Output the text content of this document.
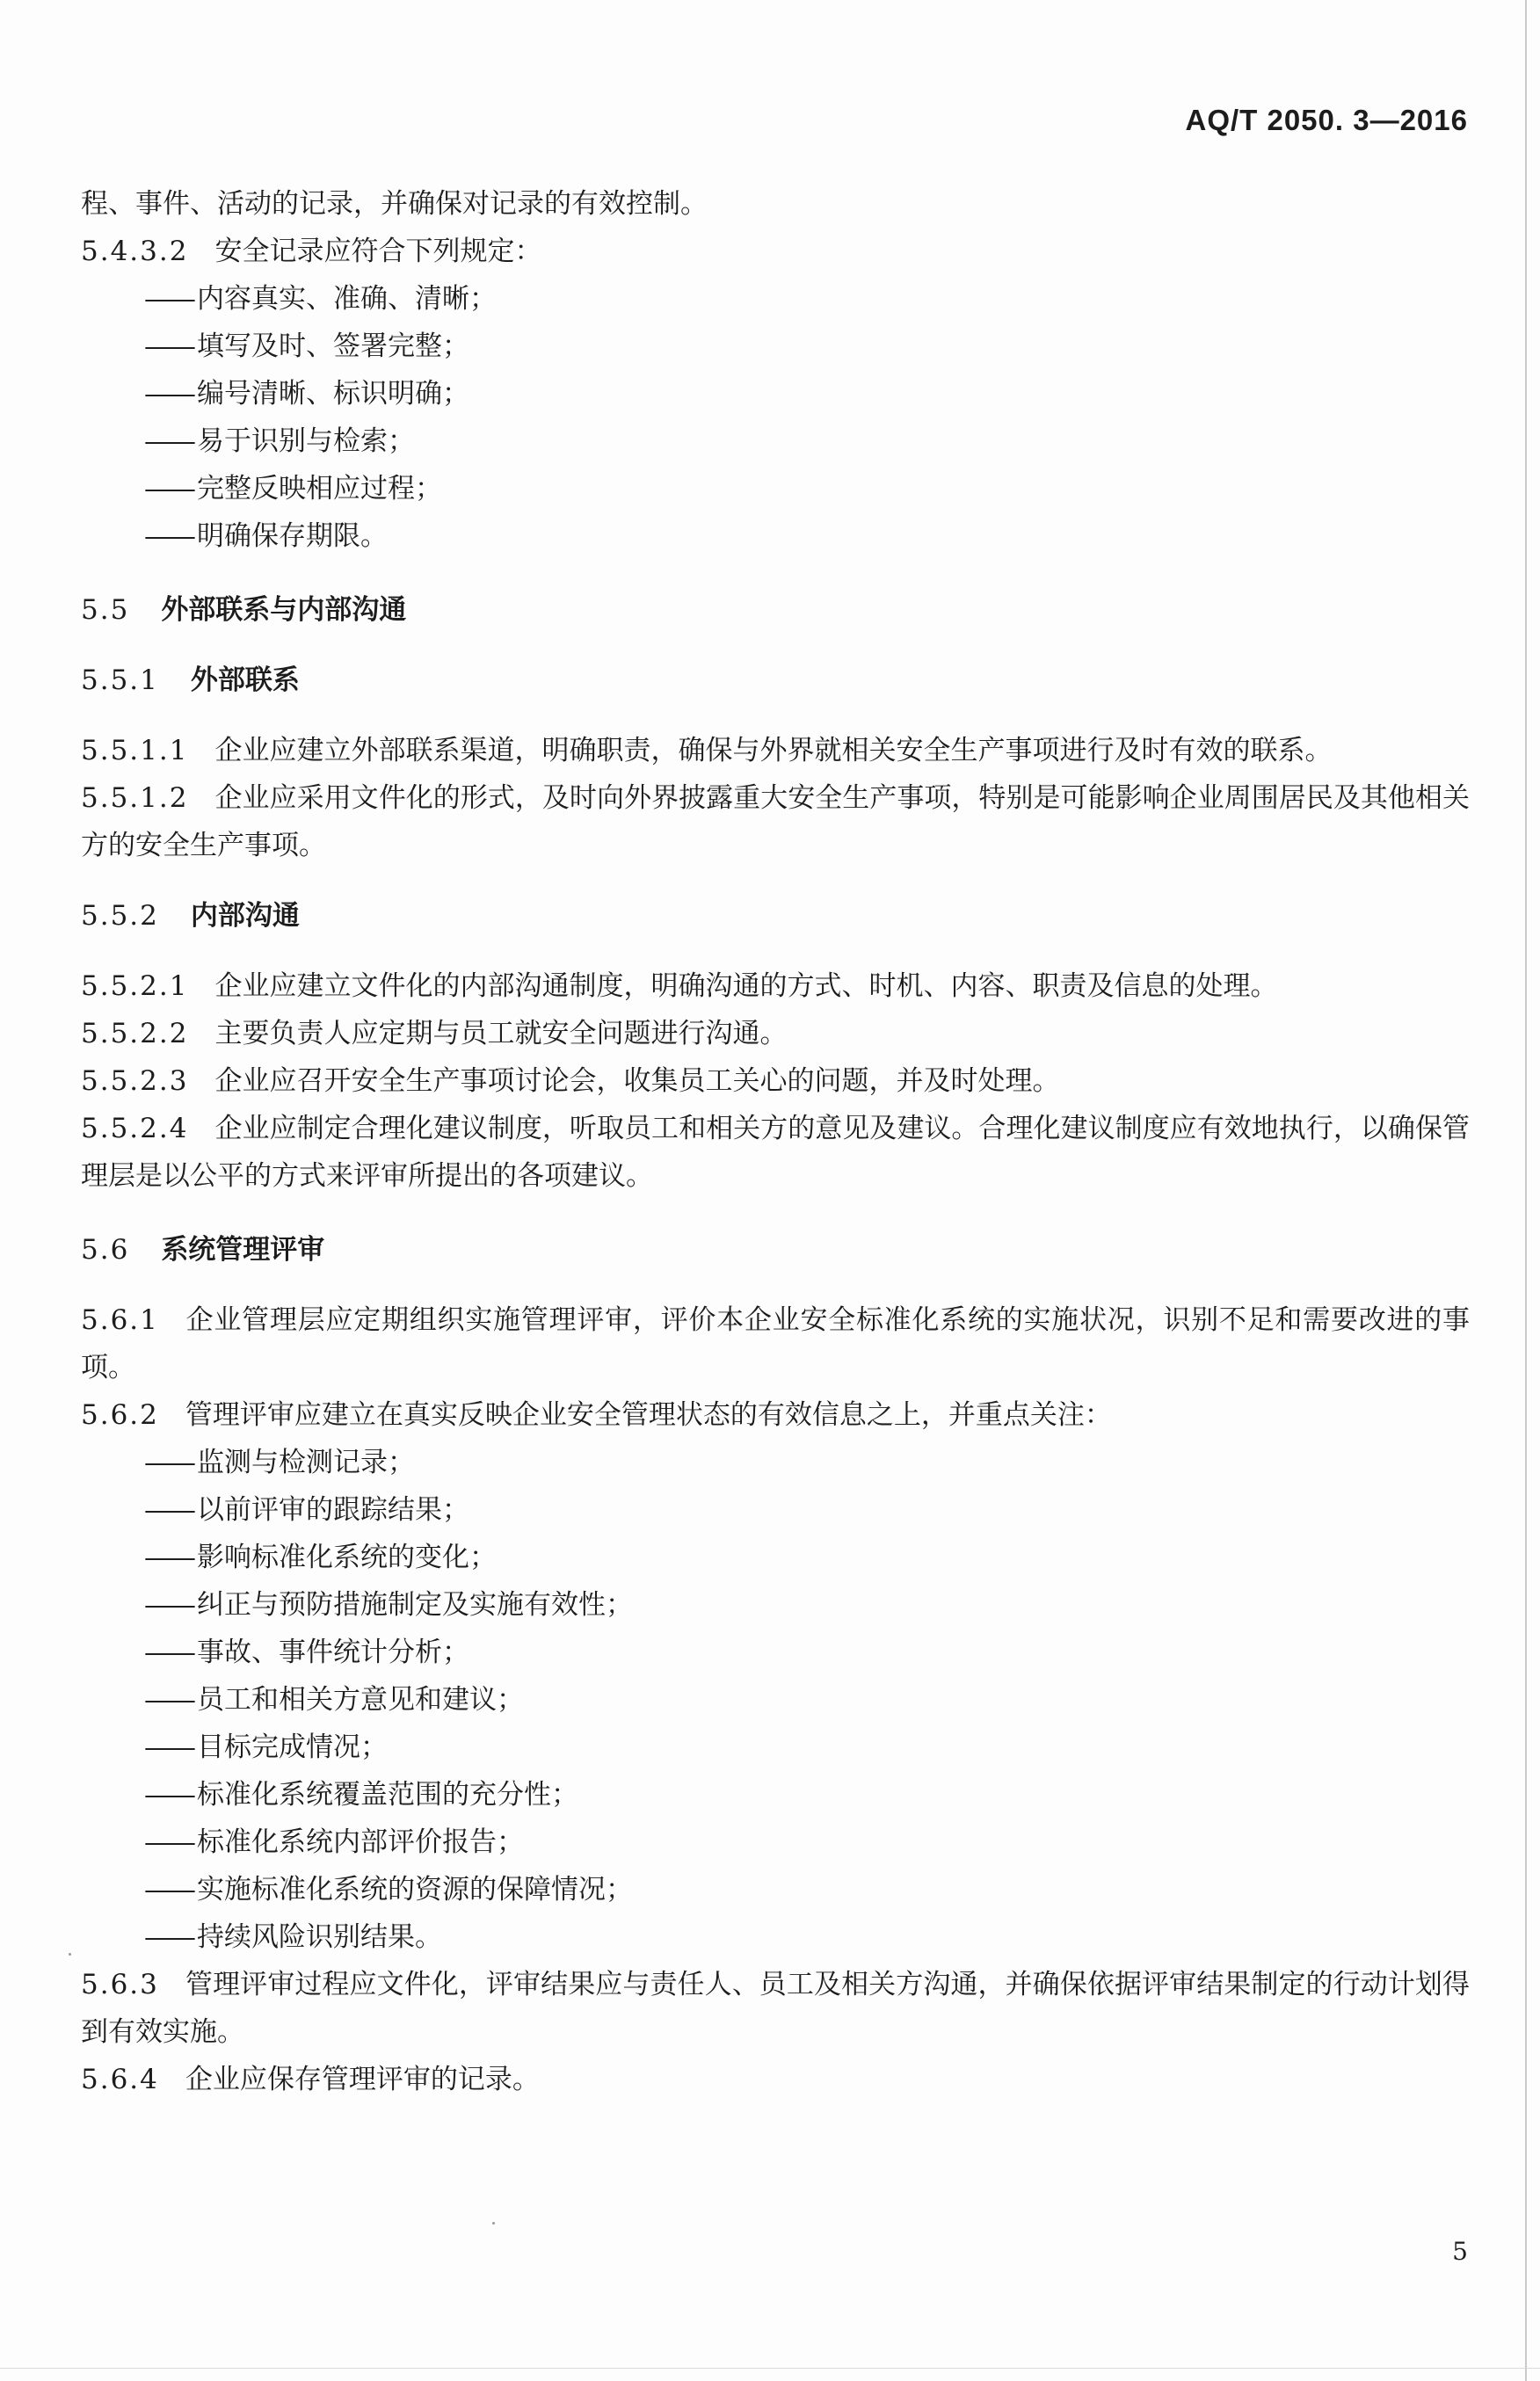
AQ/T 2050. 3—2016

程、事件、活动的记录，并确保对记录的有效控制。

5.4.3.2 安全记录应符合下列规定：

—— 内容真实、准确、清晰；
—— 填写及时、签署完整；
—— 编号清晰、标识明确；
—— 易于识别与检索；
—— 完整反映相应过程；
—— 明确保存期限。
5.5 外部联系与内部沟通
5.5.1 外部联系

5.5.1.1 企业应建立外部联系渠道，明确职责，确保与外界就相关安全生产事项进行及时有效的联系。

5.5.1.2 企业应采用文件化的形式，及时向外界披露重大安全生产事项，特别是可能影响企业周围居民及其他相关方的安全生产事项。

5.5.2 内部沟通

5.5.2.1 企业应建立文件化的内部沟通制度，明确沟通的方式、时机、内容、职责及信息的处理。

5.5.2.2 主要负责人应定期与员工就安全问题进行沟通。

5.5.2.3 企业应召开安全生产事项讨论会，收集员工关心的问题，并及时处理。

5.5.2.4 企业应制定合理化建议制度，听取员工和相关方的意见及建议。合理化建议制度应有效地执行，以确保管理层是以公平的方式来评审所提出的各项建议。

5.6 系统管理评审

5.6.1 企业管理层应定期组织实施管理评审，评价本企业安全标准化系统的实施状况，识别不足和需要改进的事项。

5.6.2 管理评审应建立在真实反映企业安全管理状态的有效信息之上，并重点关注：

—— 监测与检测记录；
—— 以前评审的跟踪结果；
—— 影响标准化系统的变化；
—— 纠正与预防措施制定及实施有效性；
—— 事故、事件统计分析；
—— 员工和相关方意见和建议；
—— 目标完成情况；
—— 标准化系统覆盖范围的充分性；
—— 标准化系统内部评价报告；
—— 实施标准化系统的资源的保障情况；
—— 持续风险识别结果。

5.6.3 管理评审过程应文件化，评审结果应与责任人、员工及相关方沟通，并确保依据评审结果制定的行动计划得到有效实施。

5.6.4 企业应保存管理评审的记录。

5
